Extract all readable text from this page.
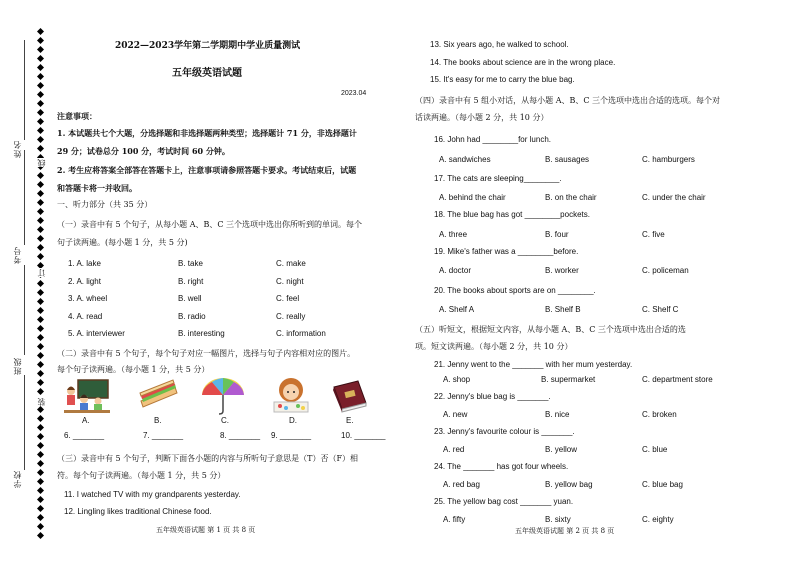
姓名
考号
班级
学校
线
订
装
2022—2023学年第二学期期中学业质量测试
五年级英语试题
2023.04
注意事项：
1. 本试题共七个大题，分选择题和非选择题两种类型；选择题计 71 分，非选择题计
29 分；试卷总分 100 分，考试时间 60 分钟。
2. 考生应将答案全部答在答题卡上，注意事项请参照答题卡要求。考试结束后，试题
和答题卡将一并收回。
一、听力部分（共 35 分）
（一）录音中有 5 个句子，从每小题 A、B、C 三个选项中选出你所听到的单词。每个
句子读两遍。(每小题 1 分，共 5 分)
1. A. lake	B. take	C. make
2. A. light	B. right	C. night
3. A. wheel	B. well	C. feel
4. A. read	B. radio	C. really
5. A. interviewer	B. interesting	C. information
（二）录音中有 5 个句子，每个句子对应一幅图片，选择与句子内容相对应的图片。
每个句子读两遍。（每小题 1 分，共 5 分）
A.	B.	C.	D.	E.
6. _______	7. _______	8. _______ 9. _______	10. _______
（三）录音中有 5 个句子，判断下面各小题的内容与所听句子意思是（T）否（F）相
符。每个句子读两遍。（每小题 1 分，共 5 分）
11. I watched TV with my grandparents yesterday.
12. Lingling likes traditional Chinese food.
五年级英语试题 第 1 页 共 8 页
13. Six years ago, he walked to school.
14. The books about science are in the wrong place.
15. It's easy for me to carry the blue bag.
（四）录音中有 5 组小对话，从每小题 A、B、C 三个选项中选出合适的选项。每个对
话读两遍。（每小题 2 分，共 10 分）
16. John had ________for lunch.
A. sandwiches	B. sausages	C. hamburgers
17. The cats are sleeping________.
A. behind the chair	B. on the chair	C. under the chair
18. The blue bag has got ________pockets.
A. three	B. four	C. five
19. Mike's father was a ________before.
A. doctor	B. worker	C. policeman
20. The books about sports are on ________.
A. Shelf A	B. Shelf B	C. Shelf C
（五）听短文，根据短文内容，从每小题 A、B、C 三个选项中选出合适的选
项。短文读两遍。（每小题 2 分，共 10 分）
21. Jenny went to the _______ with her mum yesterday.
A. shop	B. supermarket	C. department store
22. Jenny's blue bag is _______.
A. new	B. nice	C. broken
23. Jenny's favourite colour is _______.
A. red	B. yellow	C. blue
24. The _______ has got four wheels.
A. red bag	B. yellow bag	C. blue bag
25. The yellow bag cost _______ yuan.
A. fifty	B. sixty	C. eighty
五年级英语试题 第 2 页 共 8 页
